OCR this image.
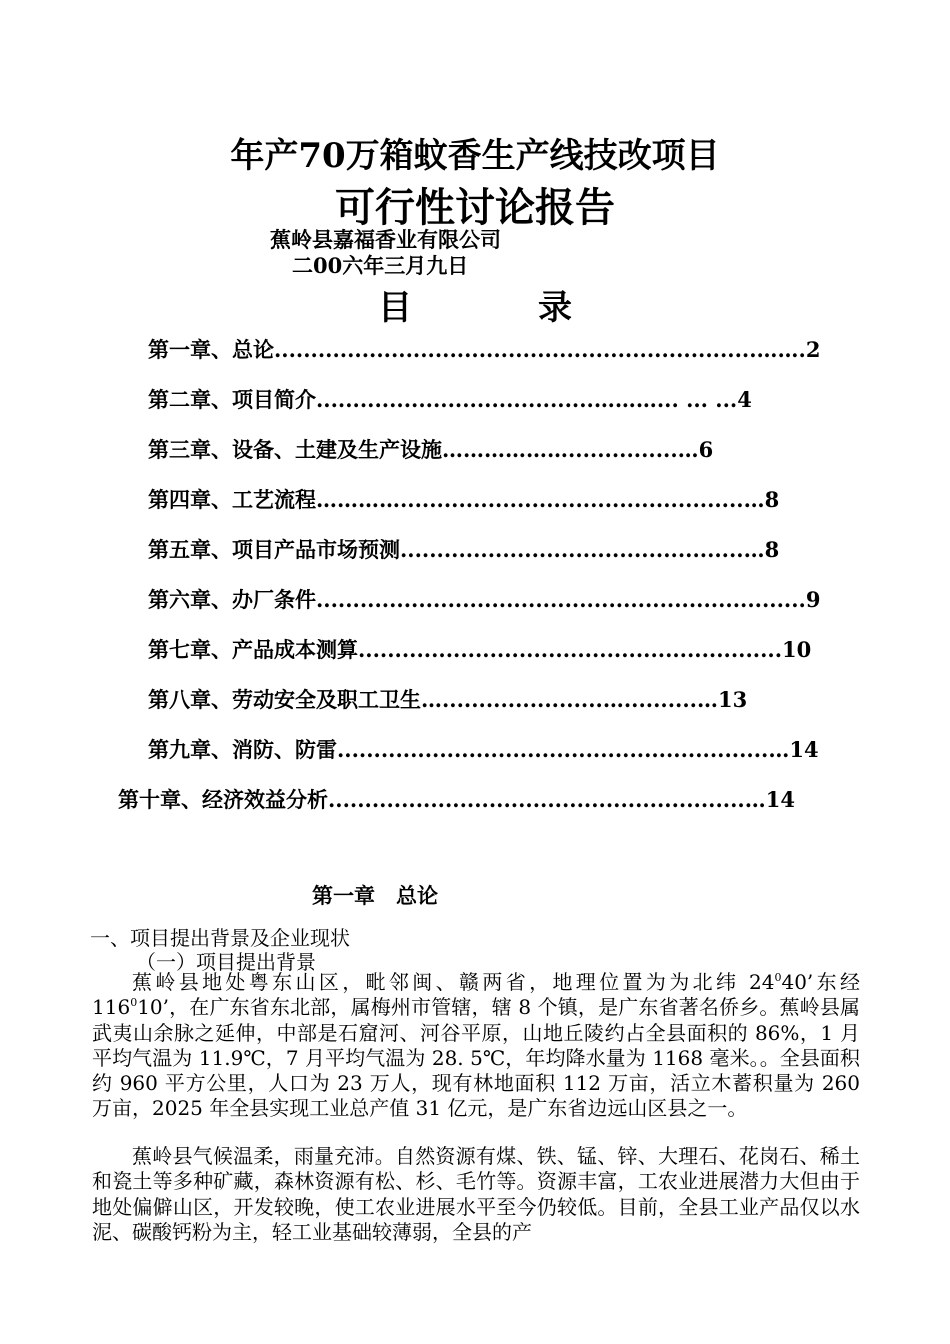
年产70万箱蚊香生产线技改项目
可行性讨论报告
蕉岭县嘉福香业有限公司
二00六年三月九日
目　录
第一章、总论..................................................................…….2
第二章、项目简介......................................………... ... ...4
第三章、设备、土建及生产设施………………...............…6
第四章、工艺流程…………...............................................…8
第五章、项目产品市场预测...............................................…8
第六章、办厂条件...................................................................9
第七章、产品成本测算..........................................................10
第八章、劳动安全及职工卫生…......................…..........…13
第九章、消防、防雷...........................................................…14
第十章、经济效益分析.........................................................…14
第一章　总论
一、项目提出背景及企业现状
（一）项目提出背景
蕉岭县地处粤东山区，毗邻闽、赣两省，地理位置为为北纬 $24^040$’东经 $116^010$’，在广东省东北部，属梅州市管辖，辖 8 个镇，是广东省著名侨乡。蕉岭县属武夷山余脉之延伸，中部是石窟河、河谷平原，山地丘陵约占全县面积的 86%，1 月平均气温为 11.9℃，7 月平均气温为 28. 5℃，年均降水量为 1168 毫米。。全县面积约 960 平方公里，人口为 23 万人，现有林地面积 112 万亩，活立木蓄积量为 260 万亩，2025 年全县实现工业总产值 31 亿元，是广东省边远山区县之一。
蕉岭县气候温柔，雨量充沛。自然资源有煤、铁、锰、锌、大理石、花岗石、稀土和瓷土等多种矿藏，森林资源有松、杉、毛竹等。资源丰富，工农业进展潜力大但由于地处偏僻山区，开发较晚，使工农业进展水平至今仍较低。目前，全县工业产品仅以水泥、碳酸钙粉为主，轻工业基础较薄弱，全县的产
